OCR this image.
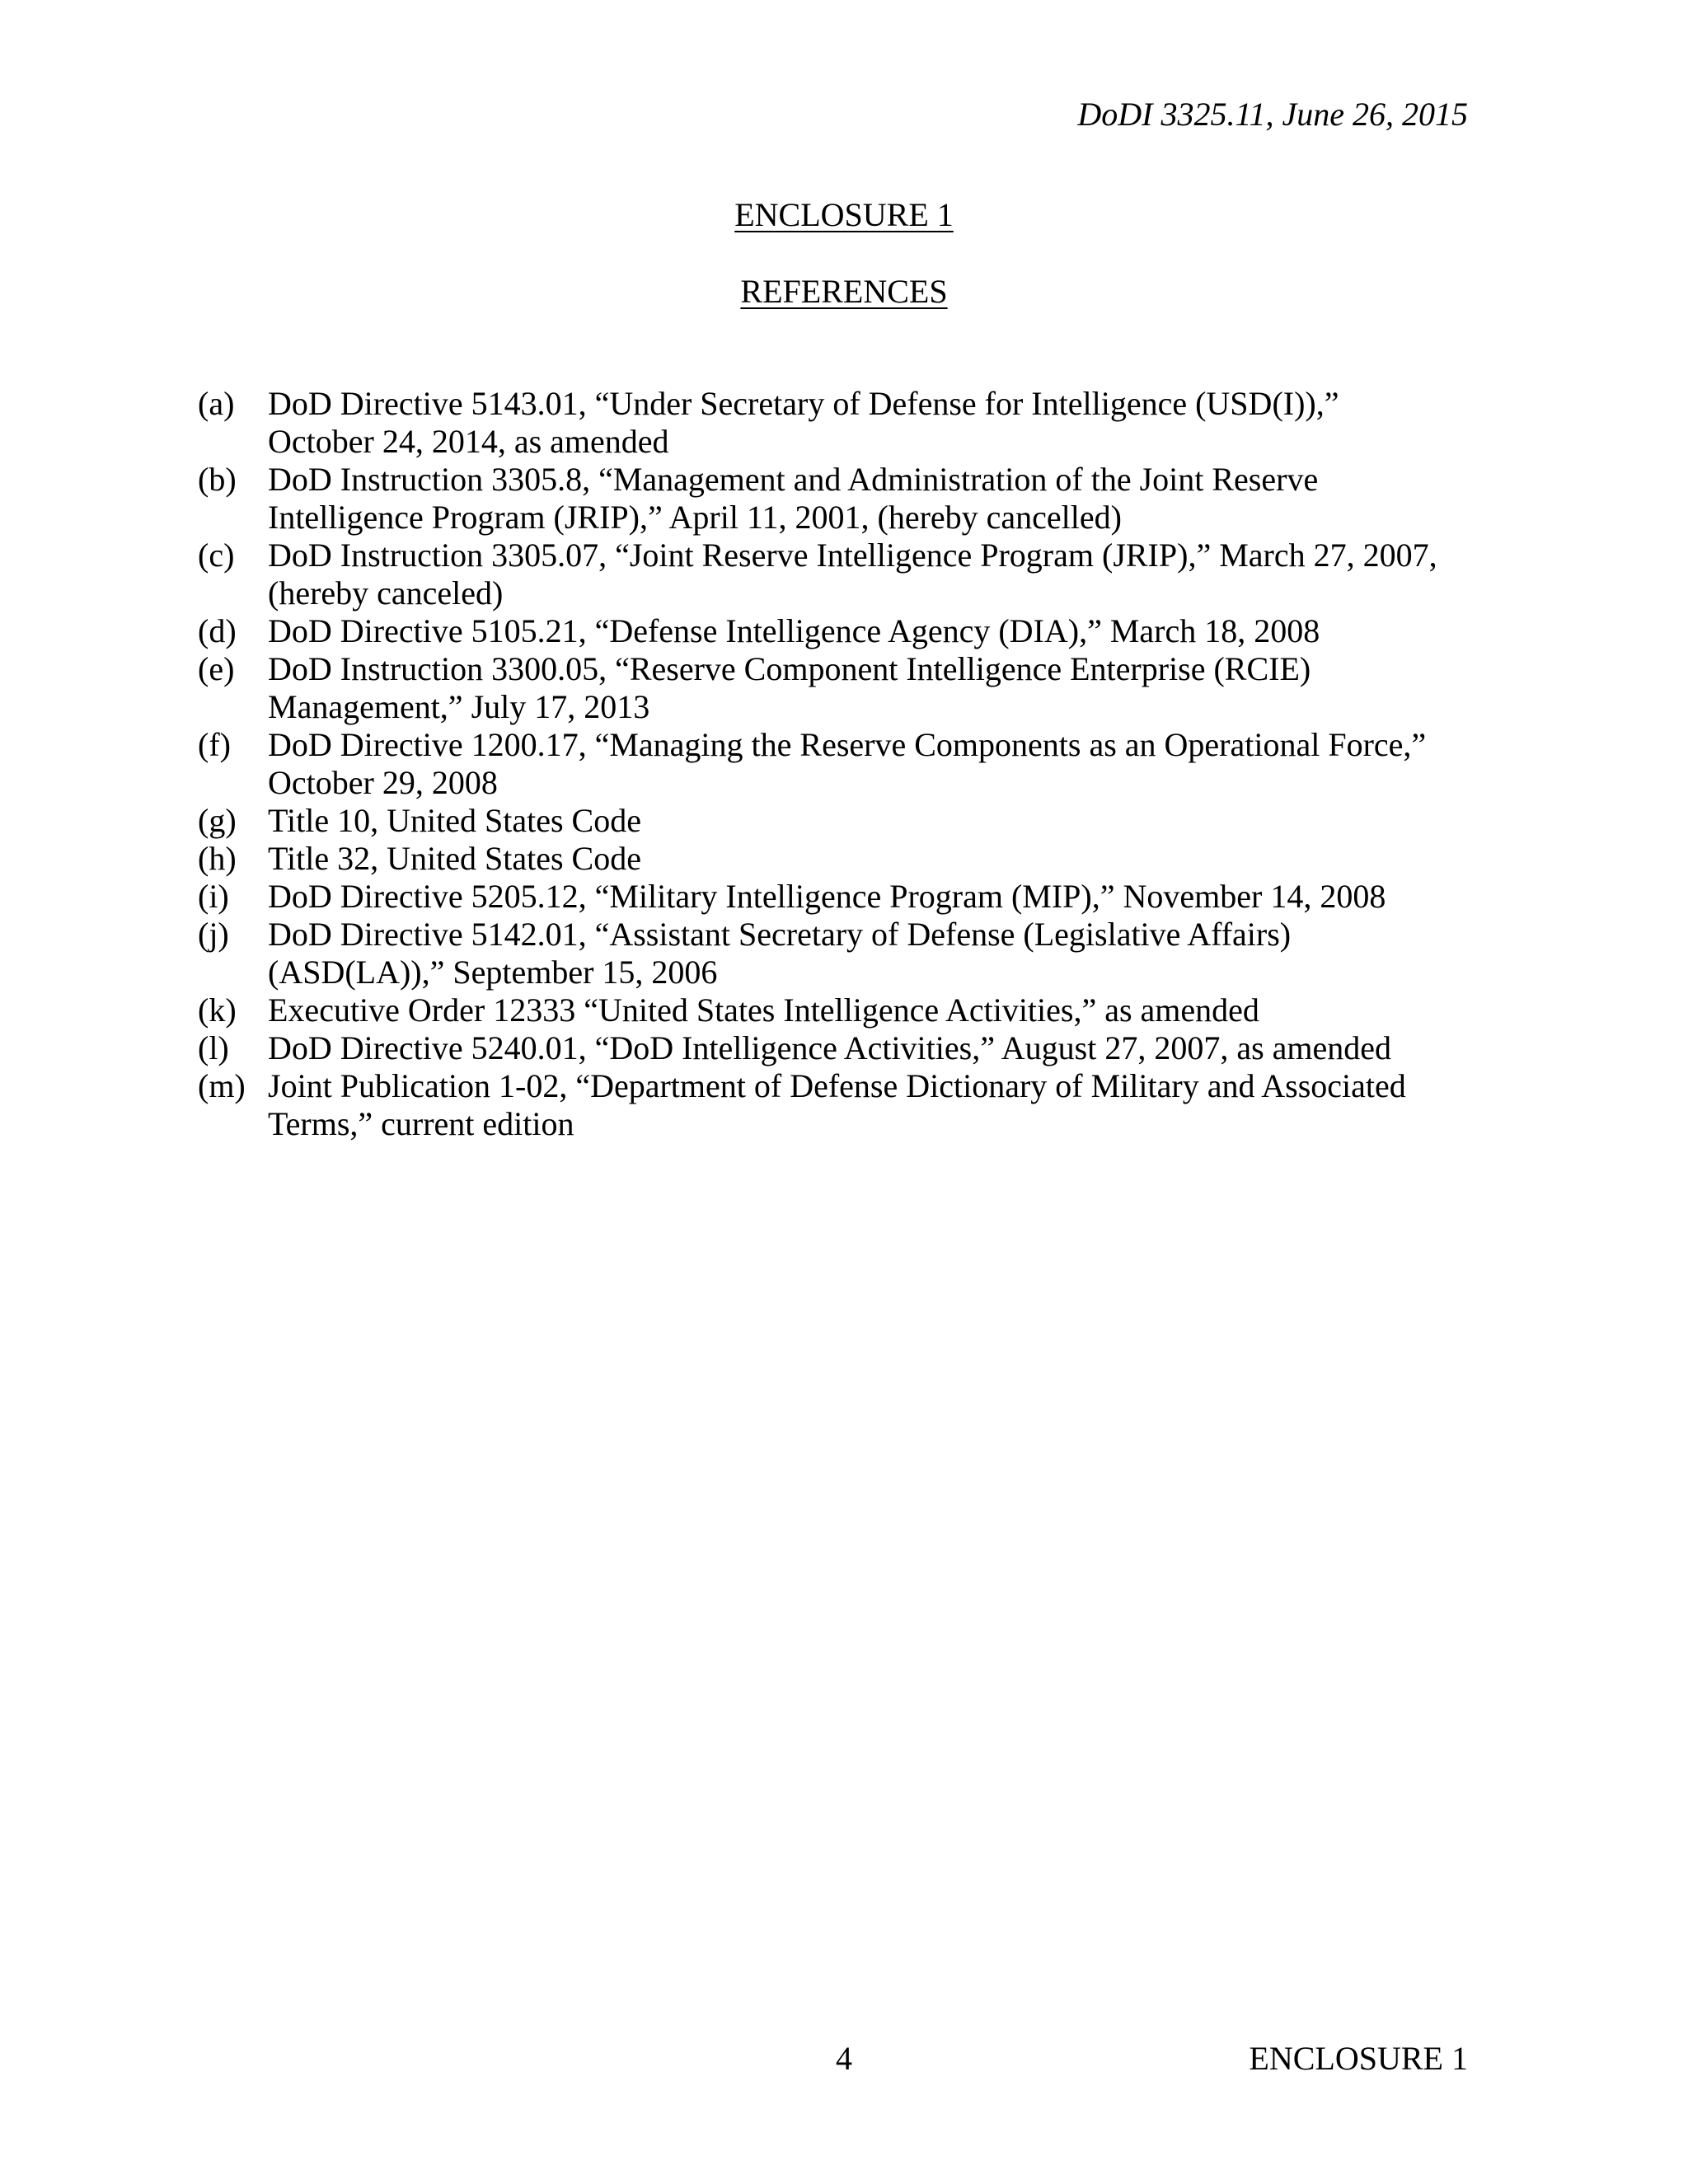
DoDI 3325.11, June 26, 2015
ENCLOSURE 1
REFERENCES
(a)	DoD Directive 5143.01, “Under Secretary of Defense for Intelligence (USD(I)),”
October 24, 2014, as amended
(b) DoD Instruction 3305.8, “Management and Administration of the Joint Reserve
Intelligence Program (JRIP),” April 11, 2001, (hereby cancelled)
(c)	DoD Instruction 3305.07, “Joint Reserve Intelligence Program (JRIP),” March 27, 2007,
(hereby canceled)
(d) DoD Directive 5105.21, “Defense Intelligence Agency (DIA),” March 18, 2008
(e)	DoD Instruction 3300.05, “Reserve Component Intelligence Enterprise (RCIE)
Management,” July 17, 2013
(f)	DoD Directive 1200.17, “Managing the Reserve Components as an Operational Force,”
October 29, 2008
(g) Title 10, United States Code
(h) Title 32, United States Code
(i)	DoD Directive 5205.12, “Military Intelligence Program (MIP),” November 14, 2008
(j)	DoD Directive 5142.01, “Assistant Secretary of Defense (Legislative Affairs)
(ASD(LA)),” September 15, 2006
(k) Executive Order 12333 “United States Intelligence Activities,” as amended
(l)	DoD Directive 5240.01, “DoD Intelligence Activities,” August 27, 2007, as amended
(m) Joint Publication 1-02, “Department of Defense Dictionary of Military and Associated
Terms,” current edition
4	ENCLOSURE 1
